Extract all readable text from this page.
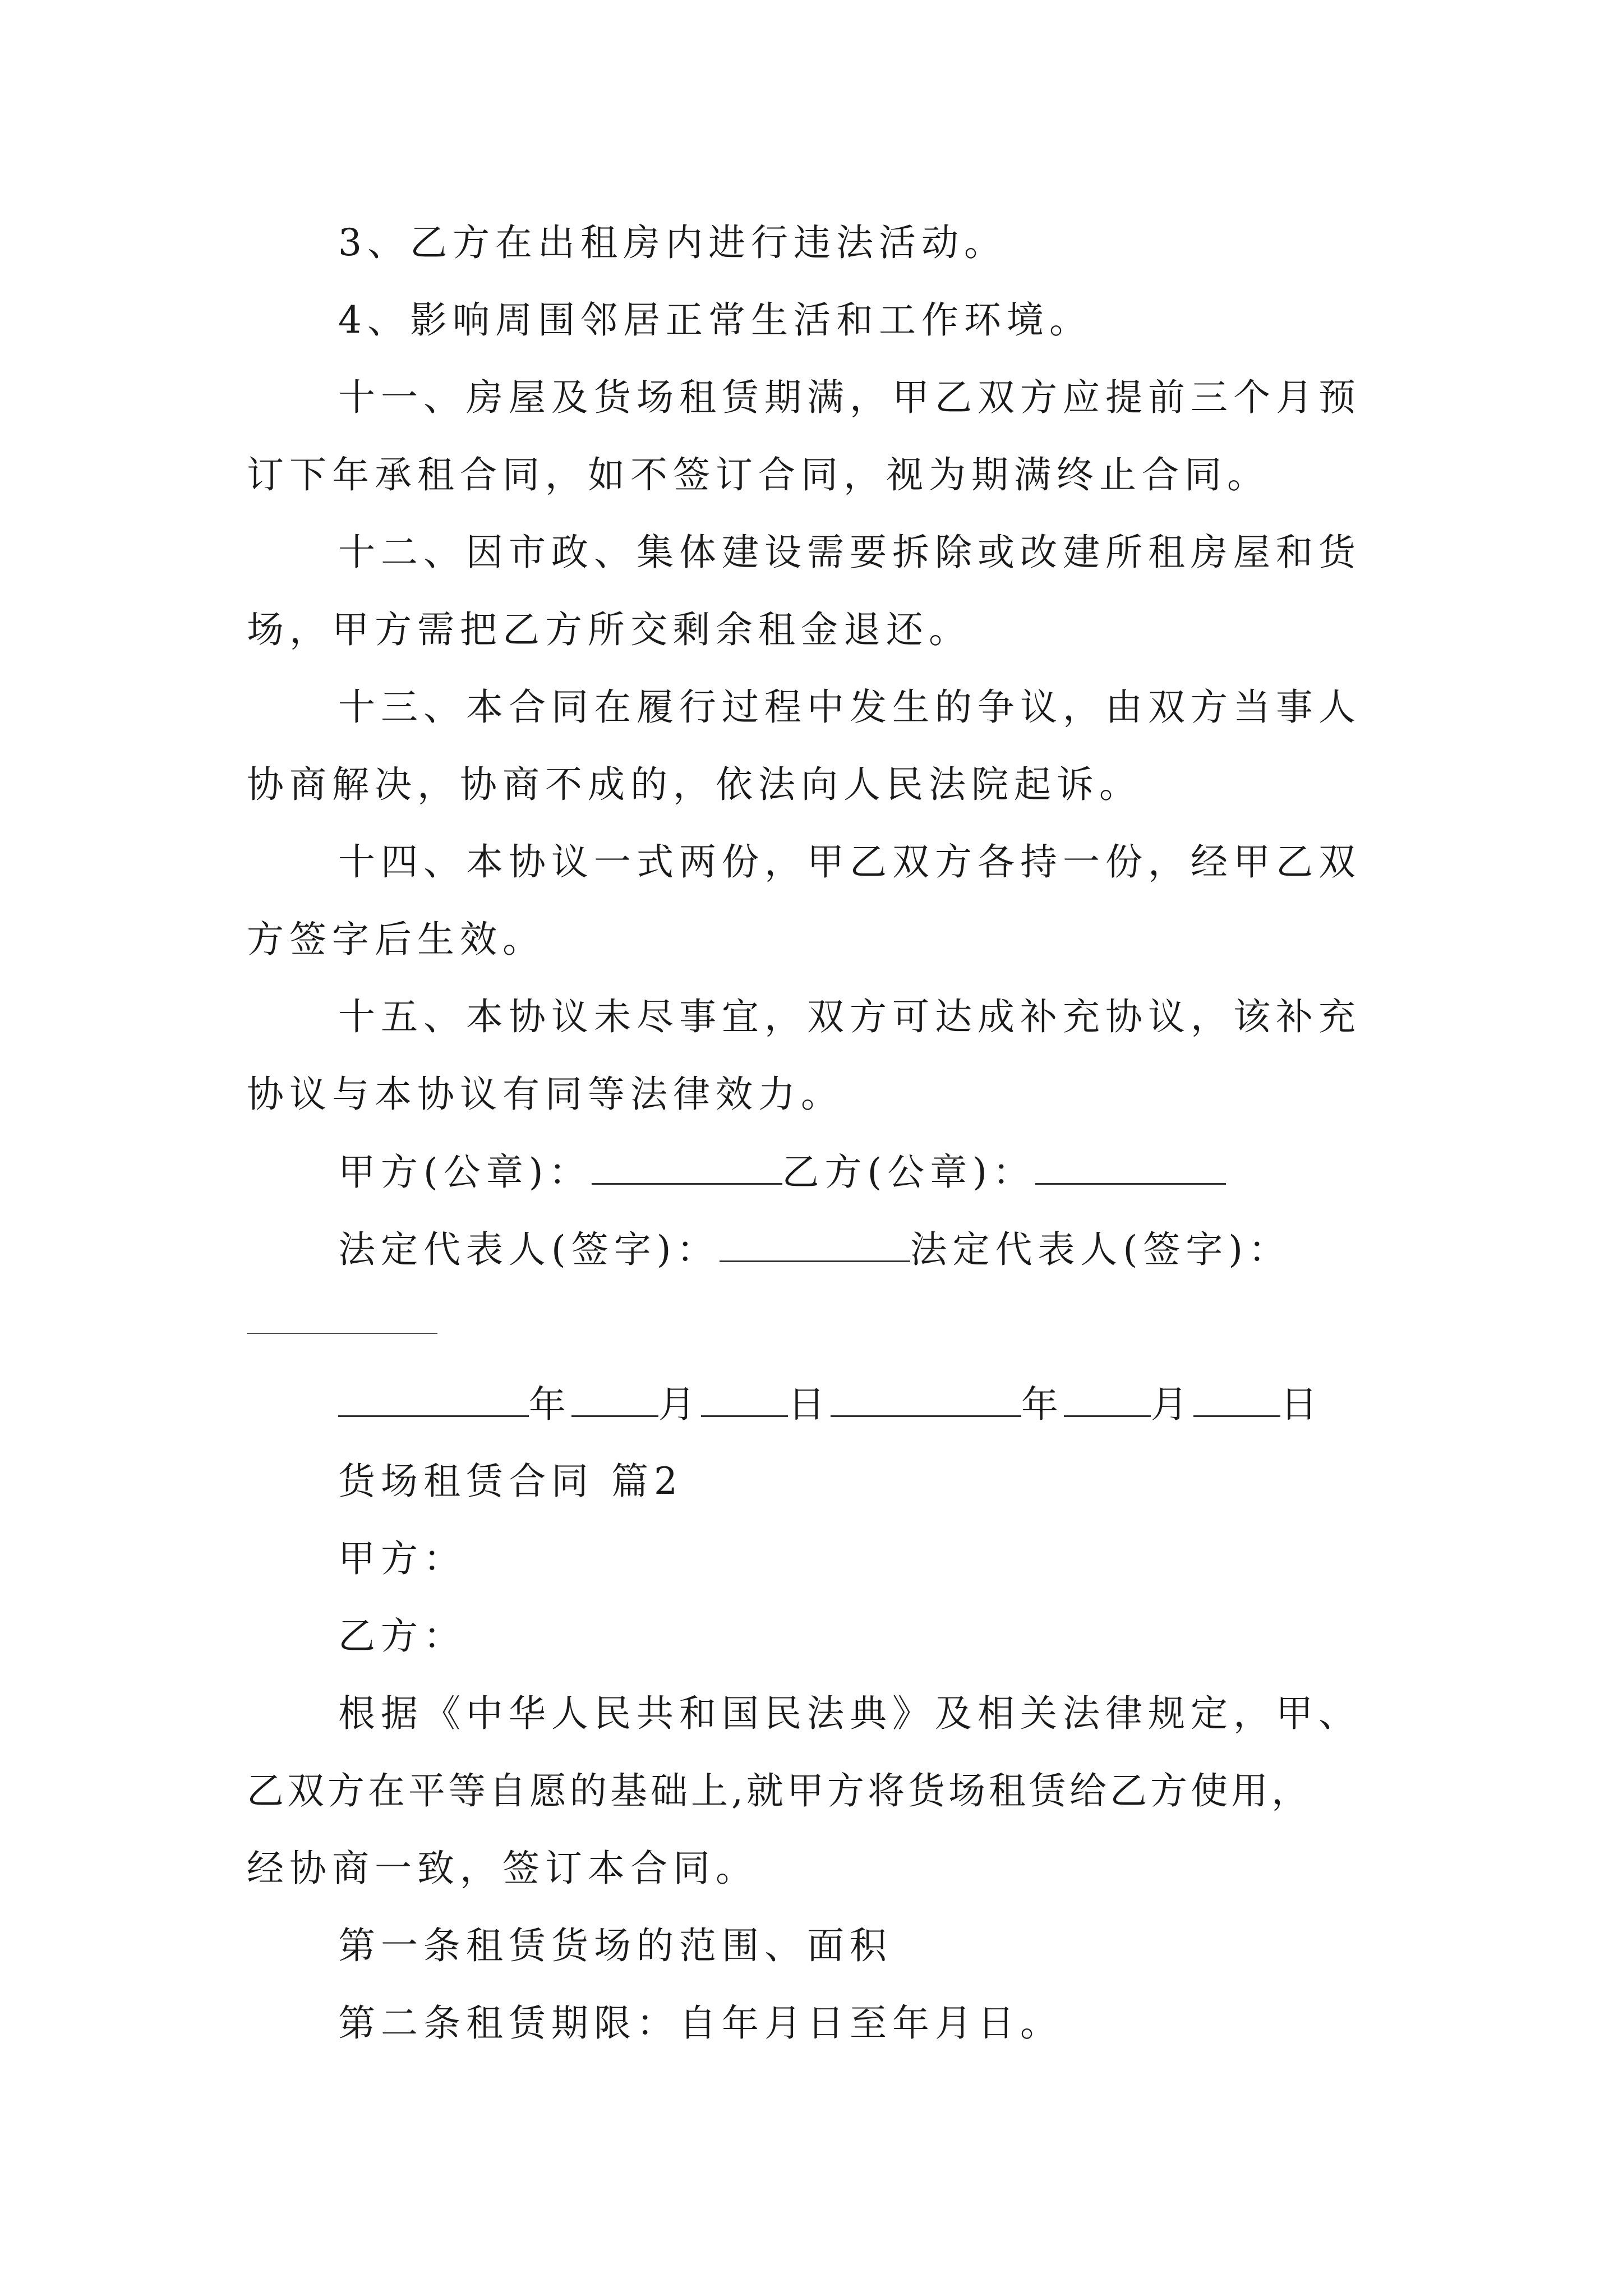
3、乙方在出租房内进行违法活动。

4、影响周围邻居正常生活和工作环境。

十一、房屋及货场租赁期满，甲乙双方应提前三个月预

订下年承租合同，如不签订合同，视为期满终止合同。

十二、因市政、集体建设需要拆除或改建所租房屋和货

场，甲方需把乙方所交剩余租金退还。

十三、本合同在履行过程中发生的争议，由双方当事人

协商解决，协商不成的，依法向人民法院起诉。

十四、本协议一式两份，甲乙双方各持一份，经甲乙双

方签字后生效。

十五、本协议未尽事宜，双方可达成补充协议，该补充

协议与本协议有同等法律效力。

甲方(公章)：	乙方(公章)：

法定代表人(签字)：	法定代表人(签字)：

年 月 日	年 月 日

货场租赁合同 篇2

甲方：

乙方：

根据《中华人民共和国民法典》及相关法律规定，甲、

乙双方在平等自愿的基础上,就甲方将货场租赁给乙方使用，

经协商一致，签订本合同。

第一条租赁货场的范围、面积

第二条租赁期限：自年月日至年月日。
